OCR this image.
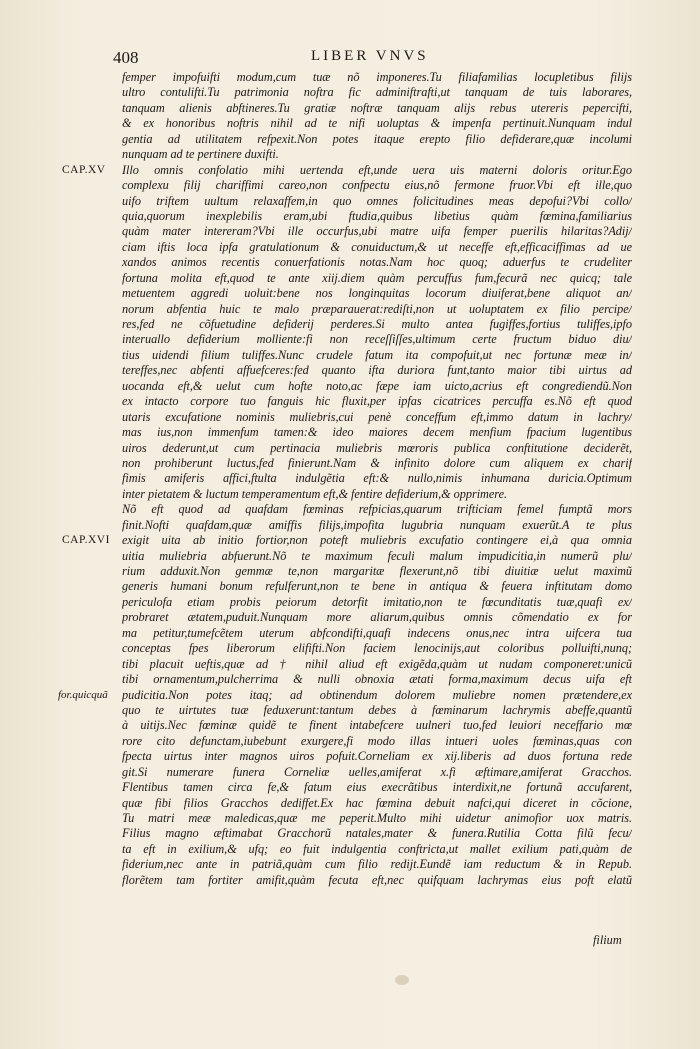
408	LIBER VNVS
femper impofuifti modum,cum tuæ nõ imponeres.Tu filiafamilias locupletibus filijs
ultro contulifti.Tu patrimonia noftra fic adminiftrafti,ut tanquam de tuis laborares,
tanquam alienis abftineres.Tu gratiæ noftræ tanquam alijs rebus utereris pepercifti,
& ex honoribus noftris nihil ad te nifi uoluptas & impenfa pertinuit.Nunquam indul
gentia ad utilitatem refpexit.Non potes itaque erepto filio defiderare,quæ incolumi
nunquam ad te pertinere duxifti.
Illo omnis confolatio mihi uertenda eft,unde uera uis materni doloris oritur.Ego
CAP.XV
complexu filij chariffimi careo,non confpectu eius,nõ fermone fruor.Vbi eft ille,quo
uifo triftem uultum relaxaffem,in quo omnes folicitudines meas depofui?Vbi collo/
quia,quorum inexplebilis eram,ubi ftudia,quibus libetius quàm fœmina,familiarius
quàm mater intereram?Vbi ille occurfus,ubi matre uifa femper puerilis hilaritas?Adij/
ciam iftis loca ipfa gratulationum & conuiductum,& ut neceffe eft,efficaciffimas ad ue
xandos animos recentis conuerfationis notas.Nam hoc quoq; aduerfus te crudeliter
fortuna molita eft,quod te ante xiij.diem quàm percuffus fum,fecurã nec quicq; tale
metuentem aggredi uoluit:bene nos longinquitas locorum diuiferat,bene aliquot an/
norum abfentia huic te malo præparauerat:rediſti,non ut uoluptatem ex filio percipe/
res,fed ne cõfuetudine defiderij perderes.Si multo antea fugiffes,fortius tuliffes,ipfo
interuallo defiderium molliente:fi non receſſiſſes,ultimum certe fructum biduo diu/
tius uidendi filium tuliffes.Nunc crudele fatum ita compofuit,ut nec fortunæ meæ in/
tereffes,nec abfenti affuefceres:fed quanto ifta duriora funt,tanto maior tibi uirtus ad
uocanda eft,& uelut cum hofte noto,ac fæpe iam uicto,acrius eft congrediendũ.Non
ex intacto corpore tuo fanguis hic fluxit,per ipfas cicatrices percuffa es.Nõ eft quod
utaris excufatione nominis muliebris,cui penè conceffum eft,immo datum in lachry/
mas ius,non immenfum tamen:& ideo maiores decem menfium fpacium lugentibus
uiros dederunt,ut cum pertinacia muliebris mœroris publica conftitutione deciderẽt,
non prohiberunt luctus,fed finierunt.Nam & infinito dolore cum aliquem ex charif
fimis amiferis affici,ftulta indulgẽtia eft:& nullo,nimis inhumana duricia.Optimum
inter pietatem & luctum temperamentum eft,& fentire defiderium,& opprimere.
Nõ eft quod ad quafdam fœminas refpicias,quarum trifticiam femel fumptã mors
finit.Nofti quafdam,quæ amiffis filijs,impofita lugubria nunquam exuerũt.A te plus
exigit uita ab initio fortior,non poteft muliebris excufatio contingere ei,à qua omnia
CAP.XVI
uitia muliebria abfuerunt.Nõ te maximum feculi malum impudicitia,in numerũ plu/
rium adduxit.Non gemmæ te,non margaritæ flexerunt,nõ tibi diuitiæ uelut maximũ
generis humani bonum refulferunt,non te bene in antiqua & feuera inftitutam domo
periculofa etiam probis peiorum detorfit imitatio,non te fœcunditatis tuæ,quafi ex/
probraret ætatem,puduit.Nunquam more aliarum,quibus omnis cõmendatio ex for
ma petitur,tumefcẽtem uterum abfcondifti,quafi indecens onus,nec intra uifcera tua
conceptas fpes liberorum elififti.Non faciem lenocinijs,aut coloribus polluifti,nunq;
tibi placuit ueftis,quæ ad † nihil aliud eft exigẽda,quàm ut nudam componeret:unicũ
tibi ornamentum,pulcherrima & nulli obnoxia ætati forma,maximum decus uifa eft
pudicitia.Non potes itaq; ad obtinendum dolorem muliebre nomen prætendere,ex
for.quicquã
quo te uirtutes tuæ feduxerunt:tantum debes à fœminarum lachrymis abeffe,quantũ
à uitijs.Nec fœminæ quidẽ te finent intabefcere uulneri tuo,fed leuiori neceffario mœ
rore cito defunctam,iubebunt exurgere,fi modo illas intueri uoles fœminas,quas con
fpecta uirtus inter magnos uiros pofuit.Corneliam ex xij.liberis ad duos fortuna rede
git.Si numerare funera Corneliæ uelles,amiferat x.fi æftimare,amiferat Gracchos.
Flentibus tamen circa fe,& fatum eius execrãtibus interdixit,ne fortunã accufarent,
quæ fibi filios Gracchos dediffet.Ex hac fœmina debuit nafci,qui diceret in cõcione,
Tu matri meæ maledicas,quæ me peperit.Multo mihi uidetur animofior uox matris.
Filius magno æftimabat Gracchorũ natales,mater & funera.Rutilia Cotta filũ fecu/
ta eft in exilium,& ufq; eo fuit indulgentia conftricta,ut mallet exilium pati,quàm de
fiderium,nec ante in patriã,quàm cum filio redijt.Eundẽ iam reductum & in Repub.
florẽtem tam fortiter amifit,quàm fecuta eft,nec quifquam lachrymas eius poft elatũ
filium
